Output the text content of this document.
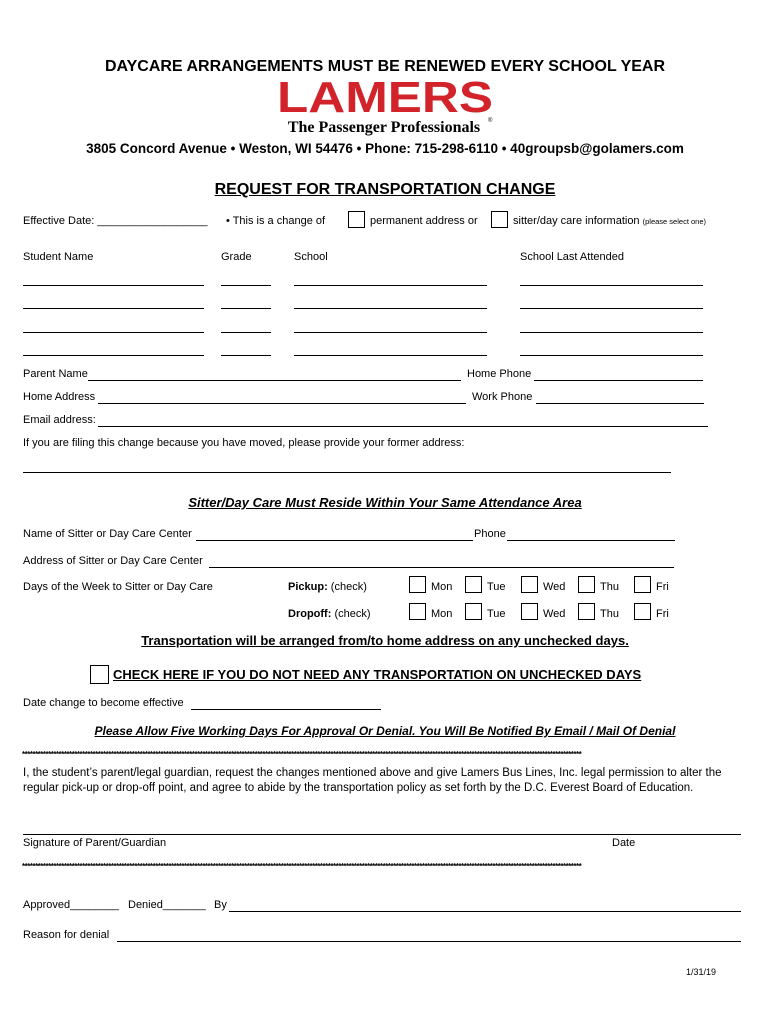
DAYCARE ARRANGEMENTS MUST BE RENEWED EVERY SCHOOL YEAR
LAMERS
The Passenger Professionals ®
3805 Concord Avenue • Weston, WI 54476 • Phone: 715-298-6110 • 40groupsb@golamers.com
REQUEST FOR TRANSPORTATION CHANGE
Effective Date: __________________ • This is a change of	permanent address or	sitter/day care information (please select one)
Student Name	Grade	School	School Last Attended
Parent Name	Home Phone
Home Address	Work Phone
Email address:
If you are filing this change because you have moved, please provide your former address:
Sitter/Day Care Must Reside Within Your Same Attendance Area
Name of Sitter or Day Care Center	Phone
Address of Sitter or Day Care Center
Days of the Week to Sitter or Day Care	Pickup: (check)	Mon	Tue	Wed	Thu	Fri
Dropoff: (check)	Mon	Tue	Wed	Thu	Fri
Transportation will be arranged from/to home address on any unchecked days.
CHECK HERE IF YOU DO NOT NEED ANY TRANSPORTATION ON UNCHECKED DAYS
Date change to become effective
Please Allow Five Working Days For Approval Or Denial. You Will Be Notified By Email / Mail Of Denial
**********************************************************************************************************************************************************************************************************************
I, the student’s parent/legal guardian, request the changes mentioned above and give Lamers Bus Lines, Inc. legal permission to alter the regular pick-up or drop-off point, and agree to abide by the transportation policy as set forth by the D.C. Everest Board of Education.
Signature of Parent/Guardian	Date
**********************************************************************************************************************************************************************************************************************
Approved________ Denied_______ By
Reason for denial
1/31/19
